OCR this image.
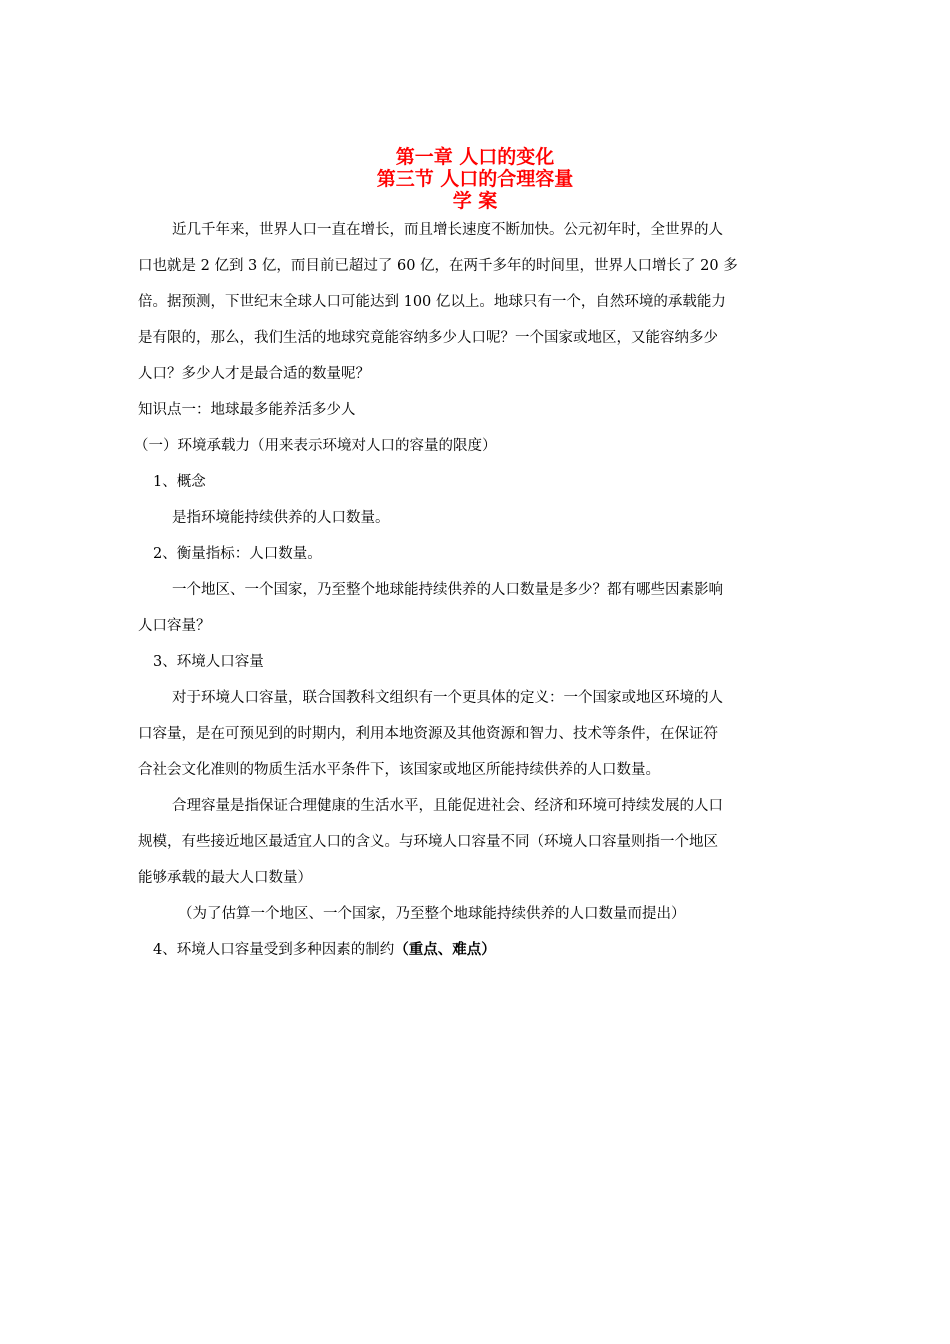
第一章 人口的变化
第三节 人口的合理容量
学 案

近几千年来，世界人口一直在增长，而且增长速度不断加快。公元初年时，全世界的人

口也就是 2 亿到 3 亿，而目前已超过了 60 亿，在两千多年的时间里，世界人口增长了 20 多

倍。据预测，下世纪末全球人口可能达到 100 亿以上。地球只有一个，自然环境的承载能力

是有限的，那么，我们生活的地球究竟能容纳多少人口呢？一个国家或地区，又能容纳多少

人口？多少人才是最合适的数量呢？

知识点一：地球最多能养活多少人

（一）环境承载力（用来表示环境对人口的容量的限度）

1、概念

是指环境能持续供养的人口数量。

2、衡量指标：人口数量。

一个地区、一个国家，乃至整个地球能持续供养的人口数量是多少？都有哪些因素影响

人口容量？

3、环境人口容量

对于环境人口容量，联合国教科文组织有一个更具体的定义：一个国家或地区环境的人

口容量，是在可预见到的时期内，利用本地资源及其他资源和智力、技术等条件，在保证符

合社会文化准则的物质生活水平条件下，该国家或地区所能持续供养的人口数量。

合理容量是指保证合理健康的生活水平，且能促进社会、经济和环境可持续发展的人口

规模，有些接近地区最适宜人口的含义。与环境人口容量不同（环境人口容量则指一个地区

能够承载的最大人口数量）

（为了估算一个地区、一个国家，乃至整个地球能持续供养的人口数量而提出）

4、环境人口容量受到多种因素的制约（重点、难点）
